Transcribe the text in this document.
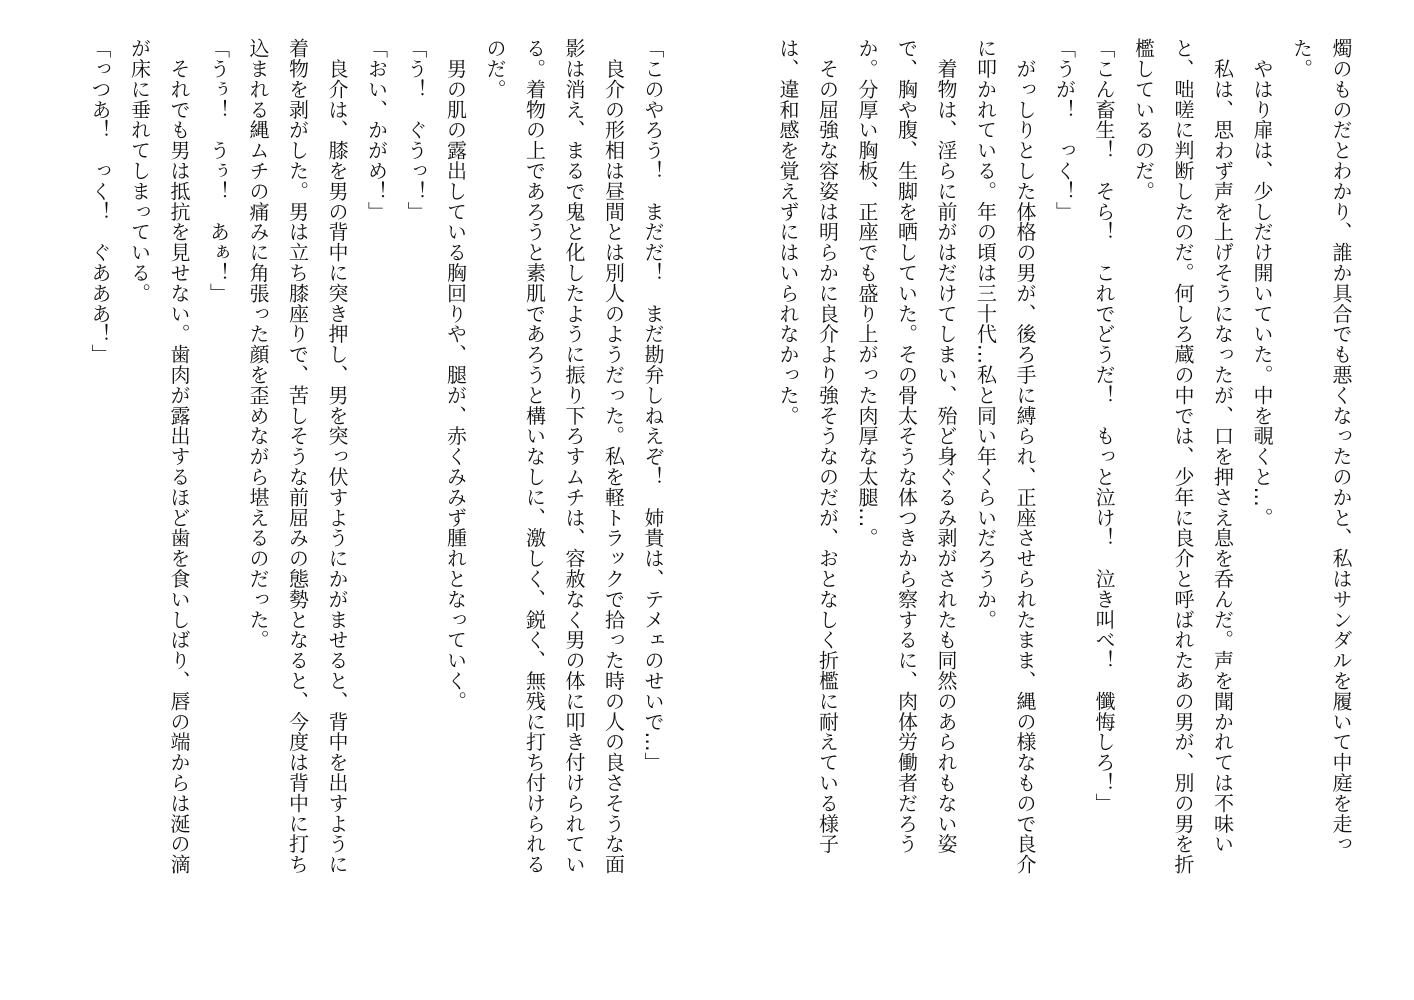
燭のものだとわかり、誰か具合でも悪くなったのかと、私はサンダルを履いて中庭を走っ

た。

　やはり扉は、少しだけ開いていた。中を覗くと…。

　私は、思わず声を上げそうになったが、口を押さえ息を呑んだ。声を聞かれては不味い

と、咄嗟に判断したのだ。何しろ蔵の中では、少年に良介と呼ばれたあの男が、別の男を折

檻しているのだ。

「こん畜生！　そら！　これでどうだ！　もっと泣け！　泣き叫べ！　懺悔しろ！」

「うが！　っく！」

　がっしりとした体格の男が、後ろ手に縛られ、正座させられたまま、縄の様なもので良介

に叩かれている。年の頃は三十代…私と同い年くらいだろうか。

　着物は、淫らに前がはだけてしまい、殆ど身ぐるみ剥がされたも同然のあられもない姿

で、胸や腹、生脚を晒していた。その骨太そうな体つきから察するに、肉体労働者だろう

か。分厚い胸板、正座でも盛り上がった肉厚な太腿…。

　その屈強な容姿は明らかに良介より強そうなのだが、おとなしく折檻に耐えている様子

は、違和感を覚えずにはいられなかった。

「このやろう！　まだだ！　まだ勘弁しねえぞ！　姉貴は、テメェのせいで…」

　良介の形相は昼間とは別人のようだった。私を軽トラックで拾った時の人の良さそうな面

影は消え、まるで鬼と化したように振り下ろすムチは、容赦なく男の体に叩き付けられてい

る。着物の上であろうと素肌であろうと構いなしに、激しく、鋭く、無残に打ち付けられる

のだ。

　男の肌の露出している胸回りや、腿が、赤くみみず腫れとなっていく。

「う！　ぐうっ！」

「おい、かがめ！」

　良介は、膝を男の背中に突き押し、男を突っ伏すようにかがませると、背中を出すように

着物を剥がした。男は立ち膝座りで、苦しそうな前屈みの態勢となると、今度は背中に打ち

込まれる縄ムチの痛みに角張った顔を歪めながら堪えるのだった。

「うぅ！　うぅ！　あぁ！」

　それでも男は抵抗を見せない。歯肉が露出するほど歯を食いしばり、唇の端からは涎の滴

が床に垂れてしまっている。

「っつあ！　っく！　ぐあああ！」
